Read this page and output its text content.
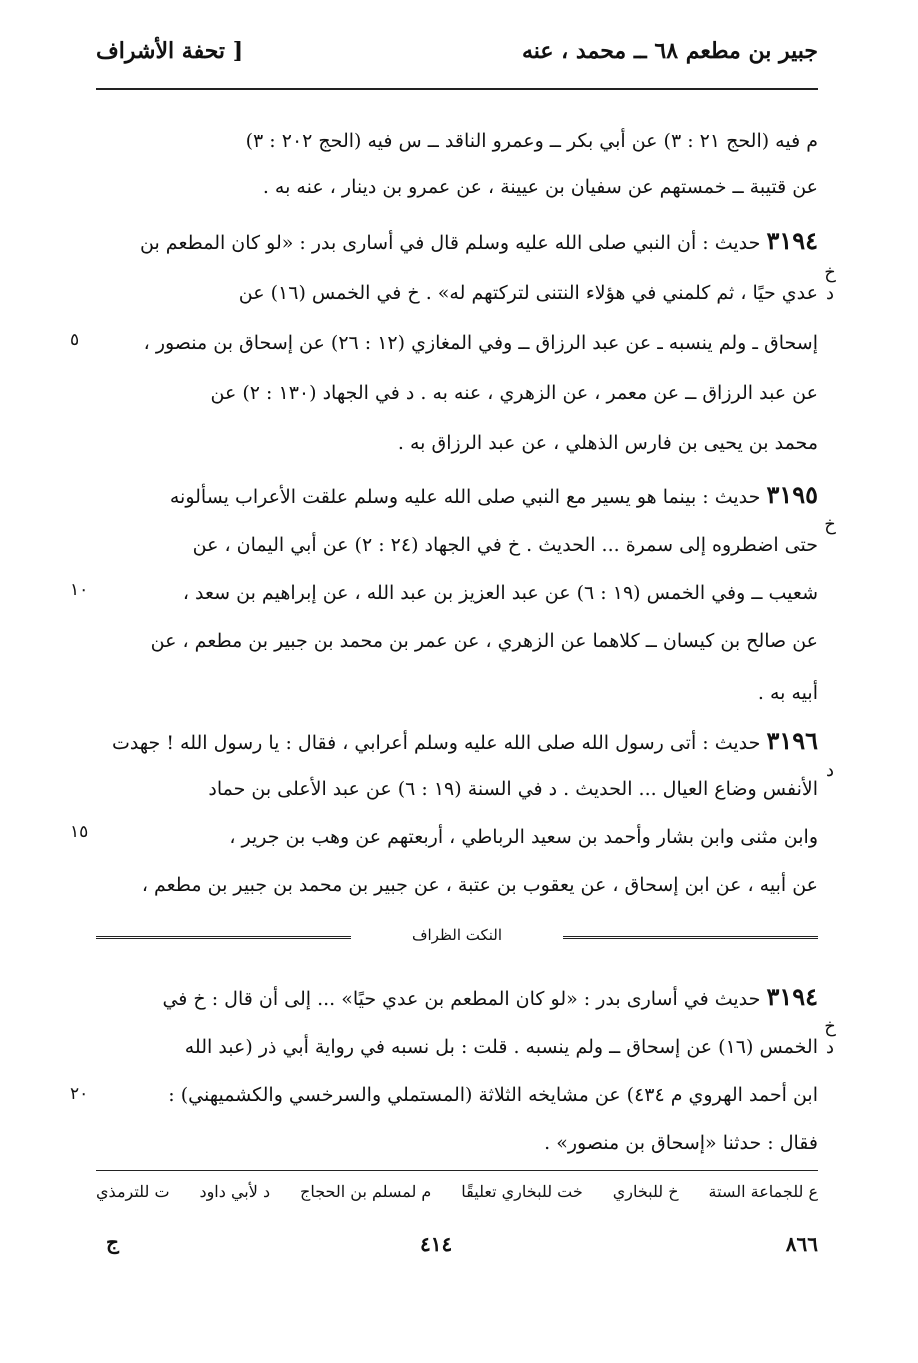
جبير بن مطعم ٦٨ ــ محمد ، عنه
[ تحفة الأشراف
م فيه (الحج ٢١ : ٣) عن أبي بكر ــ وعمرو الناقد ــ س فيه (الحج ٢٠٢ : ٣)
عن قتيبة ــ خمستهم عن سفيان بن عيينة ، عن عمرو بن دينار ، عنه به .
٣١٩٤ حديث : أن النبي صلى الله عليه وسلم قال في أسارى بدر : «لو كان المطعم بن
خ د
عدي حيًا ، ثم كلمني في هؤلاء النتنى لتركتهم له» . خ في الخمس (١٦) عن
إسحاق ـ ولم ينسبه ـ عن عبد الرزاق ــ وفي المغازي (١٢ : ٢٦) عن إسحاق بن منصور ،
٥
عن عبد الرزاق ــ عن معمر ، عن الزهري ، عنه به . د في الجهاد (١٣٠ : ٢) عن
محمد بن يحيى بن فارس الذهلي ، عن عبد الرزاق به .
٣١٩٥ حديث : بينما هو يسير مع النبي صلى الله عليه وسلم علقت الأعراب يسألونه
خ
حتى اضطروه إلى سمرة ... الحديث . خ في الجهاد (٢٤ : ٢) عن أبي اليمان ، عن
شعيب ــ وفي الخمس (١٩ : ٦) عن عبد العزيز بن عبد الله ، عن إبراهيم بن سعد ،
١٠
عن صالح بن كيسان ــ كلاهما عن الزهري ، عن عمر بن محمد بن جبير بن مطعم ، عن
أبيه به .
٣١٩٦ حديث : أتى رسول الله صلى الله عليه وسلم أعرابي ، فقال : يا رسول الله ! جهدت
د
الأنفس وضاع العيال ... الحديث . د في السنة (١٩ : ٦) عن عبد الأعلى بن حماد
وابن مثنى وابن بشار وأحمد بن سعيد الرباطي ، أربعتهم عن وهب بن جرير ،
١٥
عن أبيه ، عن ابن إسحاق ، عن يعقوب بن عتبة ، عن جبير بن محمد بن جبير بن مطعم ،
النكت الظراف
٣١٩٤ حديث في أسارى بدر : «لو كان المطعم بن عدي حيًا» ... إلى أن قال : خ في
خ د
الخمس (١٦) عن إسحاق ــ ولم ينسبه . قلت : بل نسبه في رواية أبي ذر (عبد الله
ابن أحمد الهروي م ٤٣٤) عن مشايخه الثلاثة (المستملي والسرخسي والكشميهني) :
٢٠
فقال : حدثنا «إسحاق بن منصور» .
ع للجماعة الستة
خ للبخاري
خت للبخاري تعليقًا
م لمسلم بن الحجاج
د لأبي داود
ت للترمذي
٨٦٦
٤١٤
ج
